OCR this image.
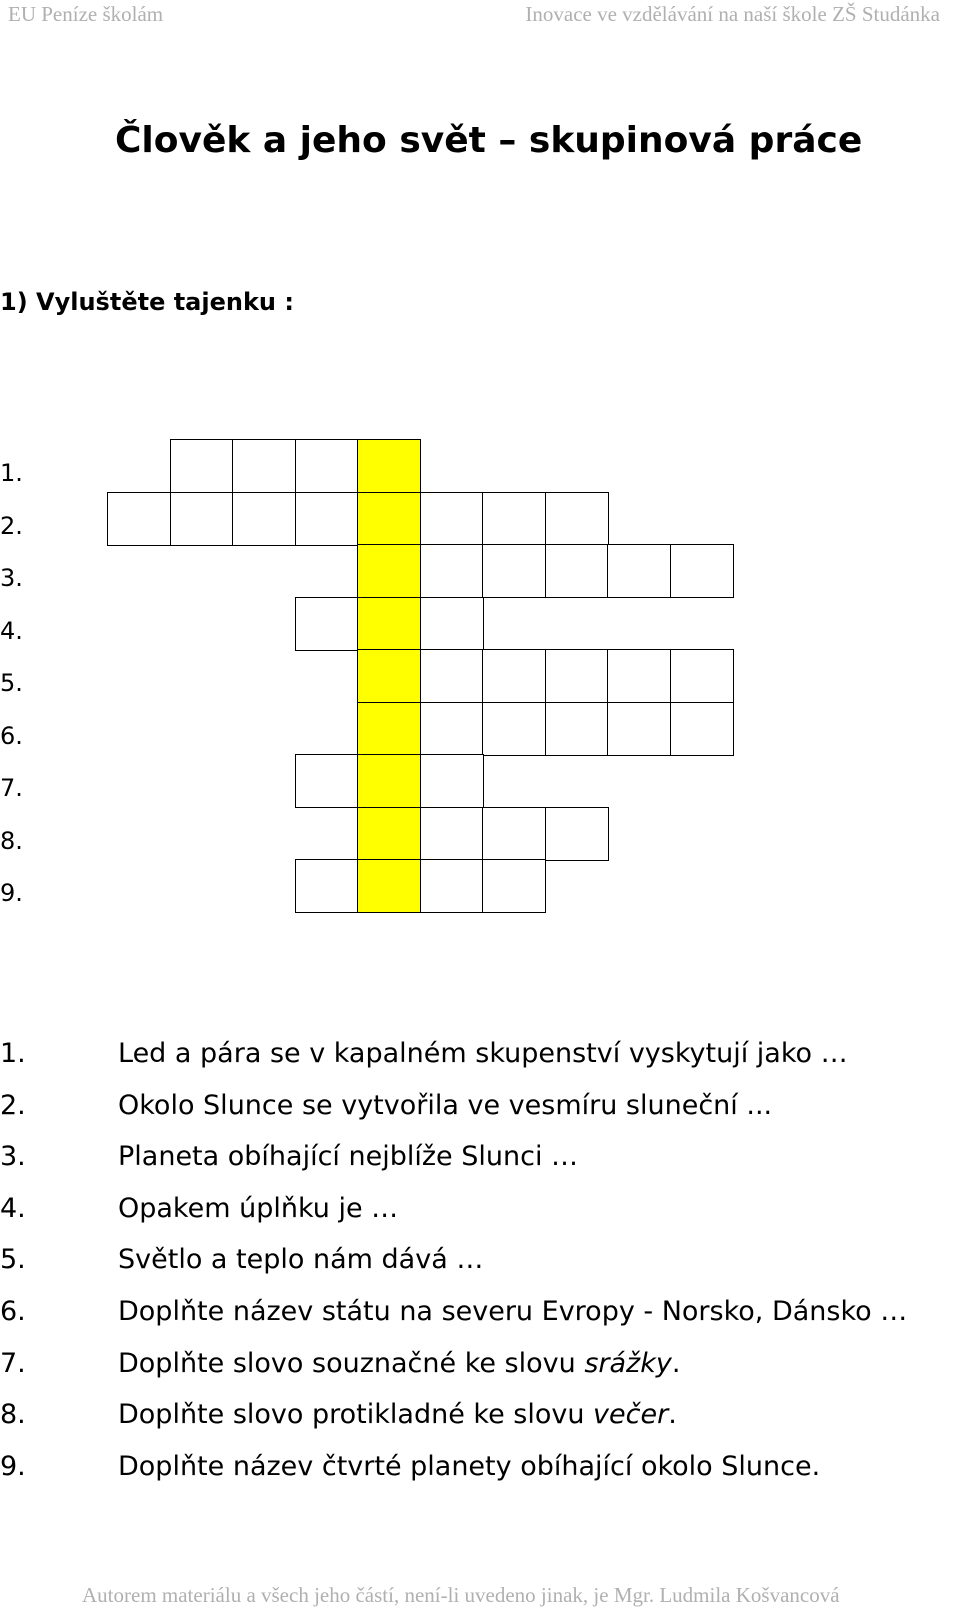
EU Peníze školám	Inovace ve vzdělávání na naší škole ZŠ Studánka
Člověk a jeho svět – skupinová práce
1) Vyluštěte tajenku :
1.
2.
3.
4.
5.
6.
7.
8.
9.
1.	Led a pára se v kapalném skupenství vyskytují jako …
2.	Okolo Slunce se vytvořila ve vesmíru sluneční ...
3.	Planeta obíhající nejblíže Slunci …
4.	Opakem úplňku je …
5.	Světlo a teplo nám dává …
6.	Doplňte název státu na severu Evropy - Norsko, Dánsko …
7.	Doplňte slovo souznačné ke slovu srážky.
8.	Doplňte slovo protikladné ke slovu večer.
9.	Doplňte název čtvrté planety obíhající okolo Slunce.
Autorem materiálu a všech jeho částí, není-li uvedeno jinak, je Mgr. Ludmila Košvancová
